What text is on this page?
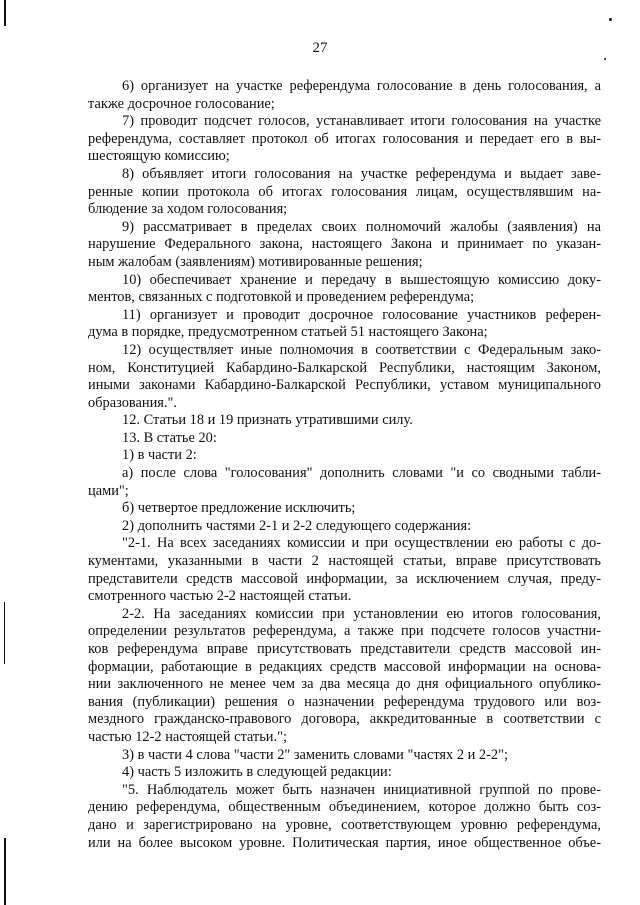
27
6) организует на участке референдума голосование в день голосования, а
также досрочное голосование;
7) проводит подсчет голосов, устанавливает итоги голосования на участке
референдума, составляет протокол об итогах голосования и передает его в вы-
шестоящую комиссию;
8) объявляет итоги голосования на участке референдума и выдает заве-
ренные копии протокола об итогах голосования лицам, осуществлявшим на-
блюдение за ходом голосования;
9) рассматривает в пределах своих полномочий жалобы (заявления) на
нарушение Федерального закона, настоящего Закона и принимает по указан-
ным жалобам (заявлениям) мотивированные решения;
10) обеспечивает хранение и передачу в вышестоящую комиссию доку-
ментов, связанных с подготовкой и проведением референдума;
11) организует и проводит досрочное голосование участников референ-
дума в порядке, предусмотренном статьей 51 настоящего Закона;
12) осуществляет иные полномочия в соответствии с Федеральным зако-
ном, Конституцией Кабардино-Балкарской Республики, настоящим Законом,
иными законами Кабардино-Балкарской Республики, уставом муниципального
образования.".
12. Статьи 18 и 19 признать утратившими силу.
13. В статье 20:
1) в части 2:
а) после слова "голосования" дополнить словами "и со сводными табли-
цами";
б) четвертое предложение исключить;
2) дополнить частями 2-1 и 2-2 следующего содержания:
"2-1. На всех заседаниях комиссии и при осуществлении ею работы с до-
кументами, указанными в части 2 настоящей статьи, вправе присутствовать
представители средств массовой информации, за исключением случая, преду-
смотренного частью 2-2 настоящей статьи.
2-2. На заседаниях комиссии при установлении ею итогов голосования,
определении результатов референдума, а также при подсчете голосов участни-
ков референдума вправе присутствовать представители средств массовой ин-
формации, работающие в редакциях средств массовой информации на основа-
нии заключенного не менее чем за два месяца до дня официального опублико-
вания (публикации) решения о назначении референдума трудового или воз-
мездного гражданско-правового договора, аккредитованные в соответствии с
частью 12-2 настоящей статьи.";
3) в части 4 слова "части 2" заменить словами "частях 2 и 2-2";
4) часть 5 изложить в следующей редакции:
"5. Наблюдатель может быть назначен инициативной группой по прове-
дению референдума, общественным объединением, которое должно быть соз-
дано и зарегистрировано на уровне, соответствующем уровню референдума,
или на более высоком уровне. Политическая партия, иное общественное объе-
